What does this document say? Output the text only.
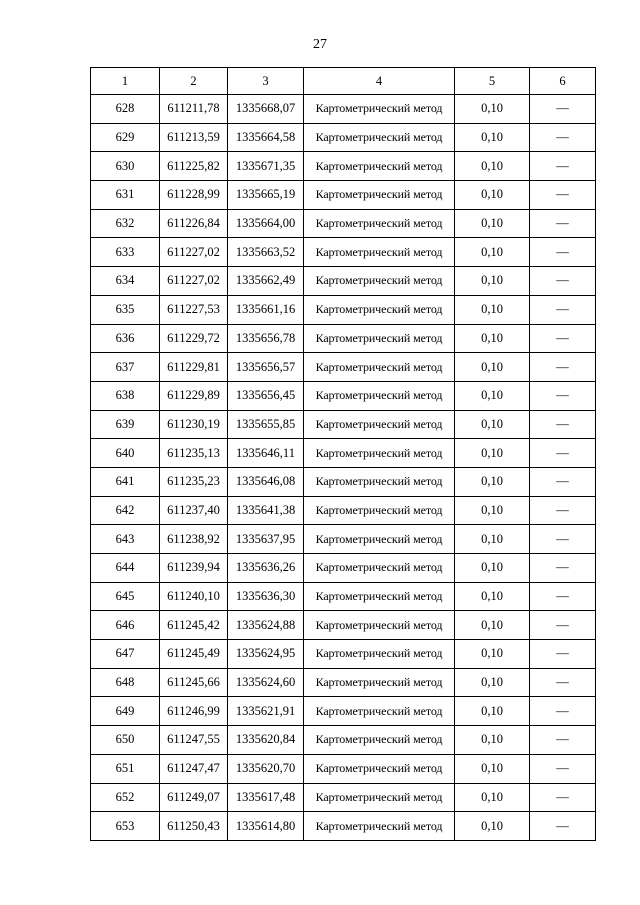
27
1	2	3	4	5	6
628	611211,78	1335668,07	Картометрический метод	0,10	—
629	611213,59	1335664,58	Картометрический метод	0,10	—
630	611225,82	1335671,35	Картометрический метод	0,10	—
631	611228,99	1335665,19	Картометрический метод	0,10	—
632	611226,84	1335664,00	Картометрический метод	0,10	—
633	611227,02	1335663,52	Картометрический метод	0,10	—
634	611227,02	1335662,49	Картометрический метод	0,10	—
635	611227,53	1335661,16	Картометрический метод	0,10	—
636	611229,72	1335656,78	Картометрический метод	0,10	—
637	611229,81	1335656,57	Картометрический метод	0,10	—
638	611229,89	1335656,45	Картометрический метод	0,10	—
639	611230,19	1335655,85	Картометрический метод	0,10	—
640	611235,13	1335646,11	Картометрический метод	0,10	—
641	611235,23	1335646,08	Картометрический метод	0,10	—
642	611237,40	1335641,38	Картометрический метод	0,10	—
643	611238,92	1335637,95	Картометрический метод	0,10	—
644	611239,94	1335636,26	Картометрический метод	0,10	—
645	611240,10	1335636,30	Картометрический метод	0,10	—
646	611245,42	1335624,88	Картометрический метод	0,10	—
647	611245,49	1335624,95	Картометрический метод	0,10	—
648	611245,66	1335624,60	Картометрический метод	0,10	—
649	611246,99	1335621,91	Картометрический метод	0,10	—
650	611247,55	1335620,84	Картометрический метод	0,10	—
651	611247,47	1335620,70	Картометрический метод	0,10	—
652	611249,07	1335617,48	Картометрический метод	0,10	—
653	611250,43	1335614,80	Картометрический метод	0,10	—
